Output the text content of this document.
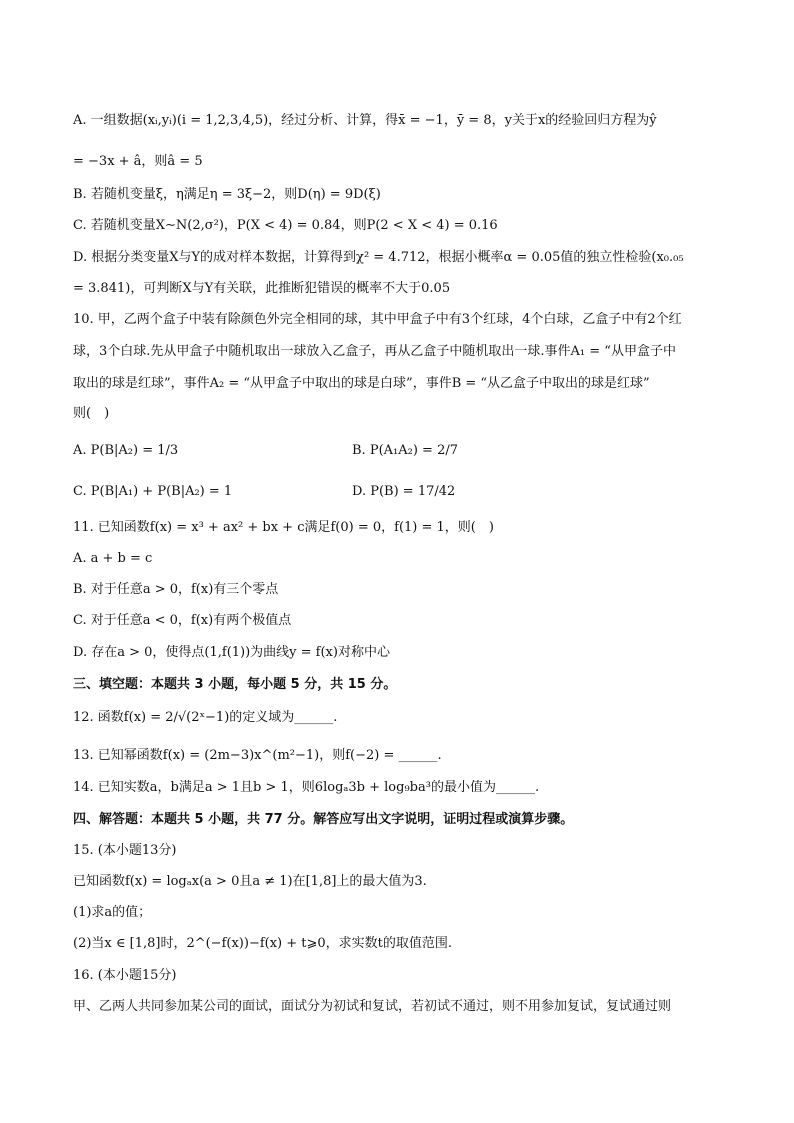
A. 一组数据(xᵢ,yᵢ)(i = 1,2,3,4,5)，经过分析、计算，得x̄ = −1，ȳ = 8，y关于x的经验回归方程为ŷ
= −3x + â，则â = 5
B. 若随机变量ξ，η满足η = 3ξ−2，则D(η) = 9D(ξ)
C. 若随机变量X∼N(2,σ²)，P(X < 4) = 0.84，则P(2 < X < 4) = 0.16
D. 根据分类变量X与Y的成对样本数据，计算得到χ² = 4.712，根据小概率α = 0.05值的独立性检验(x₀.₀₅
= 3.841)，可判断X与Y有关联，此推断犯错误的概率不大于0.05
10. 甲，乙两个盒子中装有除颜色外完全相同的球，其中甲盒子中有3个红球，4个白球，乙盒子中有2个红
球，3个白球.先从甲盒子中随机取出一球放入乙盒子，再从乙盒子中随机取出一球.事件A₁ = “从甲盒子中
取出的球是红球”，事件A₂ = “从甲盒子中取出的球是白球”，事件B = “从乙盒子中取出的球是红球”
则(　)
A. P(B|A₂) = 1/3	B. P(A₁A₂) = 2/7
C. P(B|A₁) + P(B|A₂) = 1	D. P(B) = 17/42
11. 已知函数f(x) = x³ + ax² + bx + c满足f(0) = 0，f(1) = 1，则(　)
A. a + b = c
B. 对于任意a > 0，f(x)有三个零点
C. 对于任意a < 0，f(x)有两个极值点
D. 存在a > 0，使得点(1,f(1))为曲线y = f(x)对称中心
三、填空题：本题共 3 小题，每小题 5 分，共 15 分。
12. 函数f(x) = 2/√(2ˣ−1)的定义域为______.
13. 已知幂函数f(x) = (2m−3)x^(m²−1)，则f(−2) = ______.
14. 已知实数a，b满足a > 1且b > 1，则6logₐ3b + log₉bа³的最小值为______.
四、解答题：本题共 5 小题，共 77 分。解答应写出文字说明，证明过程或演算步骤。
15. (本小题13分)
已知函数f(x) = logₐx(a > 0且a ≠ 1)在[1,8]上的最大值为3.
(1)求a的值；
(2)当x ∈ [1,8]时，2^(−f(x))−f(x) + t⩾0，求实数t的取值范围.
16. (本小题15分)
甲、乙两人共同参加某公司的面试，面试分为初试和复试，若初试不通过，则不用参加复试，复试通过则
